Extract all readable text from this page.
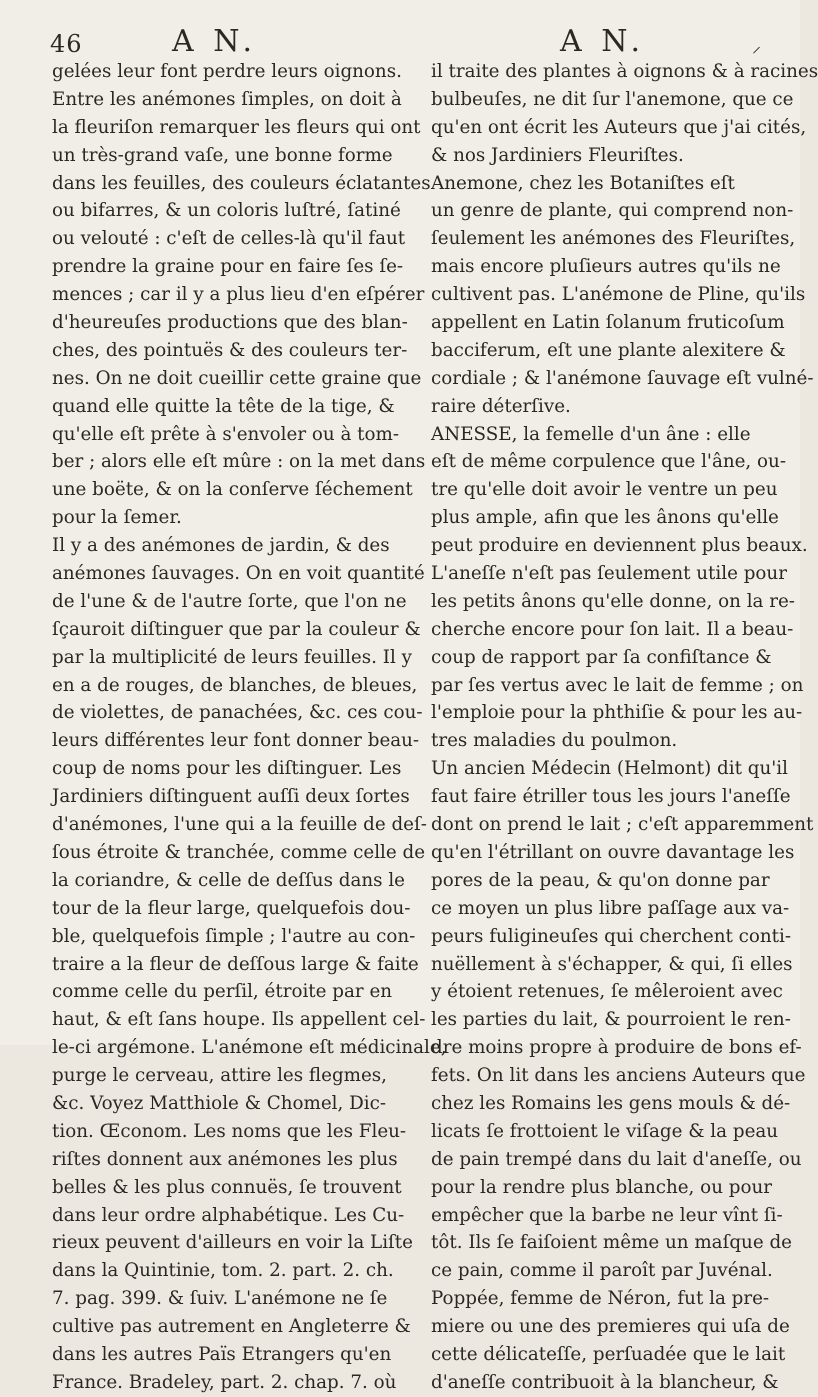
46	A N.	A N.	⸝
gelées leur font perdre leurs oignons.
Entre les anémones ſimples, on doit à
la fleuriſon remarquer les fleurs qui ont
un très-grand vaſe, une bonne forme
dans les feuilles, des couleurs éclatantes
ou bifarres, & un coloris luſtré, ſatiné
ou velouté : c'eſt de celles-là qu'il faut
prendre la graine pour en faire ſes ſe-
mences ; car il y a plus lieu d'en eſpérer
d'heureuſes productions que des blan-
ches, des pointuës & des couleurs ter-
nes. On ne doit cueillir cette graine que
quand elle quitte la tête de la tige, &
qu'elle eſt prête à s'envoler ou à tom-
ber ; alors elle eſt mûre : on la met dans
une boëte, & on la conſerve ſéchement
pour la ſemer.
Il y a des anémones de jardin, & des
anémones ſauvages. On en voit quantité
de l'une & de l'autre ſorte, que l'on ne
ſçauroit diſtinguer que par la couleur &
par la multiplicité de leurs feuilles. Il y
en a de rouges, de blanches, de bleues,
de violettes, de panachées, &c. ces cou-
leurs différentes leur font donner beau-
coup de noms pour les diſtinguer. Les
Jardiniers diſtinguent auſſi deux ſortes
d'anémones, l'une qui a la feuille de deſ-
ſous étroite & tranchée, comme celle de
la coriandre, & celle de deſſus dans le
tour de la fleur large, quelquefois dou-
ble, quelquefois ſimple ; l'autre au con-
traire a la fleur de deſſous large & faite
comme celle du perſil, étroite par en
haut, & eſt ſans houpe. Ils appellent cel-
le-ci argémone. L'anémone eſt médicinale,
purge le cerveau, attire les flegmes,
&c. Voyez Matthiole & Chomel, Dic-
tion. Œconom. Les noms que les Fleu-
riſtes donnent aux anémones les plus
belles & les plus connuës, ſe trouvent
dans leur ordre alphabétique. Les Cu-
rieux peuvent d'ailleurs en voir la Liſte
dans la Quintinie, tom. 2. part. 2. ch.
7. pag. 399. & ſuiv. L'anémone ne ſe
cultive pas autrement en Angleterre &
dans les autres Païs Etrangers qu'en
France. Bradeley, part. 2. chap. 7. où
il traite des plantes à oignons & à racines
bulbeuſes, ne dit ſur l'anemone, que ce
qu'en ont écrit les Auteurs que j'ai cités,
& nos Jardiniers Fleuriſtes.
Anemone, chez les Botaniſtes eſt
un genre de plante, qui comprend non-
ſeulement les anémones des Fleuriſtes,
mais encore pluſieurs autres qu'ils ne
cultivent pas. L'anémone de Pline, qu'ils
appellent en Latin ſolanum fruticoſum
bacciferum, eſt une plante alexitere &
cordiale ; & l'anémone ſauvage eſt vulné-
raire déterſive.
ANESSE, la femelle d'un âne : elle
eſt de même corpulence que l'âne, ou-
tre qu'elle doit avoir le ventre un peu
plus ample, afin que les ânons qu'elle
peut produire en deviennent plus beaux.
L'aneſſe n'eſt pas ſeulement utile pour
les petits ânons qu'elle donne, on la re-
cherche encore pour ſon lait. Il a beau-
coup de rapport par ſa confiſtance &
par ſes vertus avec le lait de femme ; on
l'emploie pour la phthiſie & pour les au-
tres maladies du poulmon.
Un ancien Médecin (Helmont) dit qu'il
faut faire étriller tous les jours l'aneſſe
dont on prend le lait ; c'eſt apparemment
qu'en l'étrillant on ouvre davantage les
pores de la peau, & qu'on donne par
ce moyen un plus libre paſſage aux va-
peurs fuligineuſes qui cherchent conti-
nuëllement à s'échapper, & qui, ſi elles
y étoient retenues, ſe mêleroient avec
les parties du lait, & pourroient le ren-
dre moins propre à produire de bons ef-
fets. On lit dans les anciens Auteurs que
chez les Romains les gens mouls & dé-
licats ſe frottoient le viſage & la peau
de pain trempé dans du lait d'aneſſe, ou
pour la rendre plus blanche, ou pour
empêcher que la barbe ne leur vînt ſi-
tôt. Ils ſe faiſoient même un maſque de
ce pain, comme il paroît par Juvénal.
Poppée, femme de Néron, fut la pre-
miere ou une des premieres qui uſa de
cette délicateſſe, perſuadée que le lait
d'aneſſe contribuoit à la blancheur, &
